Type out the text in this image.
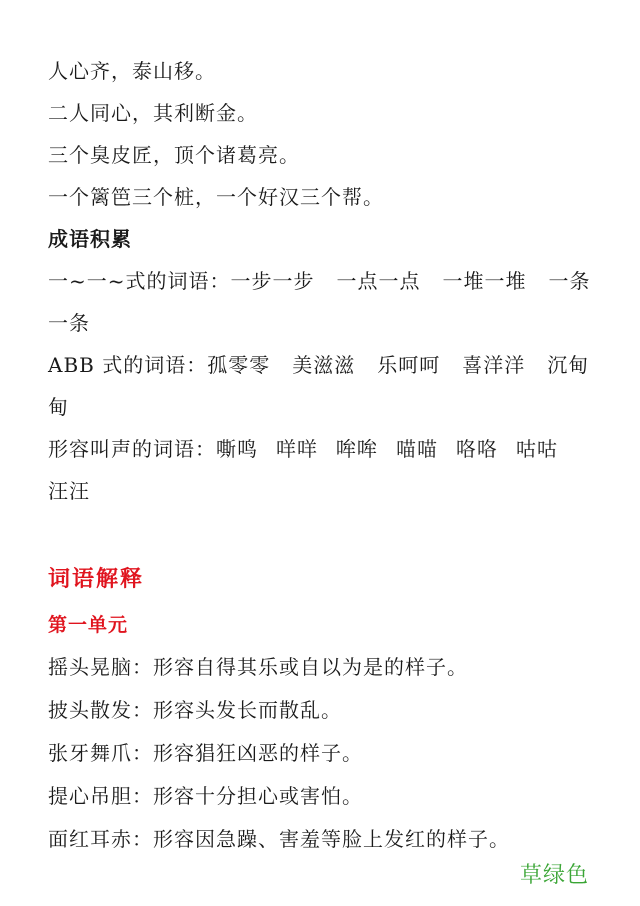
人心齐，泰山移。
二人同心，其利断金。
三个臭皮匠，顶个诸葛亮。
一个篱笆三个桩，一个好汉三个帮。
成语积累
一~一~式的词语：一步一步 一点一点 一堆一堆 一条
一条
ABB 式的词语：孤零零 美滋滋 乐呵呵 喜洋洋 沉甸
甸
形容叫声的词语：嘶鸣 咩咩 哞哞 喵喵 咯咯 咕咕
汪汪
词语解释
第一单元
摇头晃脑：形容自得其乐或自以为是的样子。
披头散发：形容头发长而散乱。
张牙舞爪：形容猖狂凶恶的样子。
提心吊胆：形容十分担心或害怕。
面红耳赤：形容因急躁、害羞等脸上发红的样子。
草绿色
